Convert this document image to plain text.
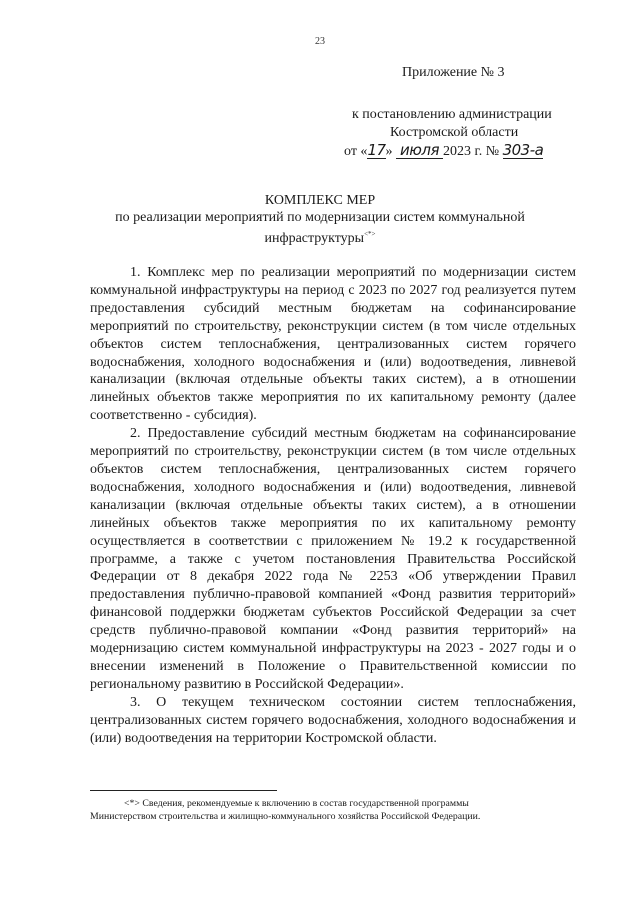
23
Приложение № 3
к постановлению администрации
Костромской области
от «17» июля 2023 г. № 303-а
КОМПЛЕКС МЕР
по реализации мероприятий по модернизации систем коммунальной
инфраструктуры<*>

1. Комплекс мер по реализации мероприятий по модернизации систем коммунальной инфраструктуры на период с 2023 по 2027 год реализуется путем предоставления субсидий местным бюджетам на софинансирование мероприятий по строительству, реконструкции систем (в том числе отдельных объектов систем теплоснабжения, централизованных систем горячего водоснабжения, холодного водоснабжения и (или) водоотведения, ливневой канализации (включая отдельные объекты таких систем), а в отношении линейных объектов также мероприятия по их капитальному ремонту (далее соответственно - субсидия).

2. Предоставление субсидий местным бюджетам на софинансирование мероприятий по строительству, реконструкции систем (в том числе отдельных объектов систем теплоснабжения, централизованных систем горячего водоснабжения, холодного водоснабжения и (или) водоотведения, ливневой канализации (включая отдельные объекты таких систем), а в отношении линейных объектов также мероприятия по их капитальному ремонту осуществляется в соответствии с приложением № 19.2 к государственной программе, а также с учетом постановления Правительства Российской Федерации от 8 декабря 2022 года № 2253 «Об утверждении Правил предоставления публично-правовой компанией «Фонд развития территорий» финансовой поддержки бюджетам субъектов Российской Федерации за счет средств публично-правовой компании «Фонд развития территорий» на модернизацию систем коммунальной инфраструктуры на 2023 - 2027 годы и о внесении изменений в Положение о Правительственной комиссии по региональному развитию в Российской Федерации».

3. О текущем техническом состоянии систем теплоснабжения, централизованных систем горячего водоснабжения, холодного водоснабжения и (или) водоотведения на территории Костромской области.

<*> Сведения, рекомендуемые к включению в состав государственной программы
Министерством строительства и жилищно-коммунального хозяйства Российской Федерации.
